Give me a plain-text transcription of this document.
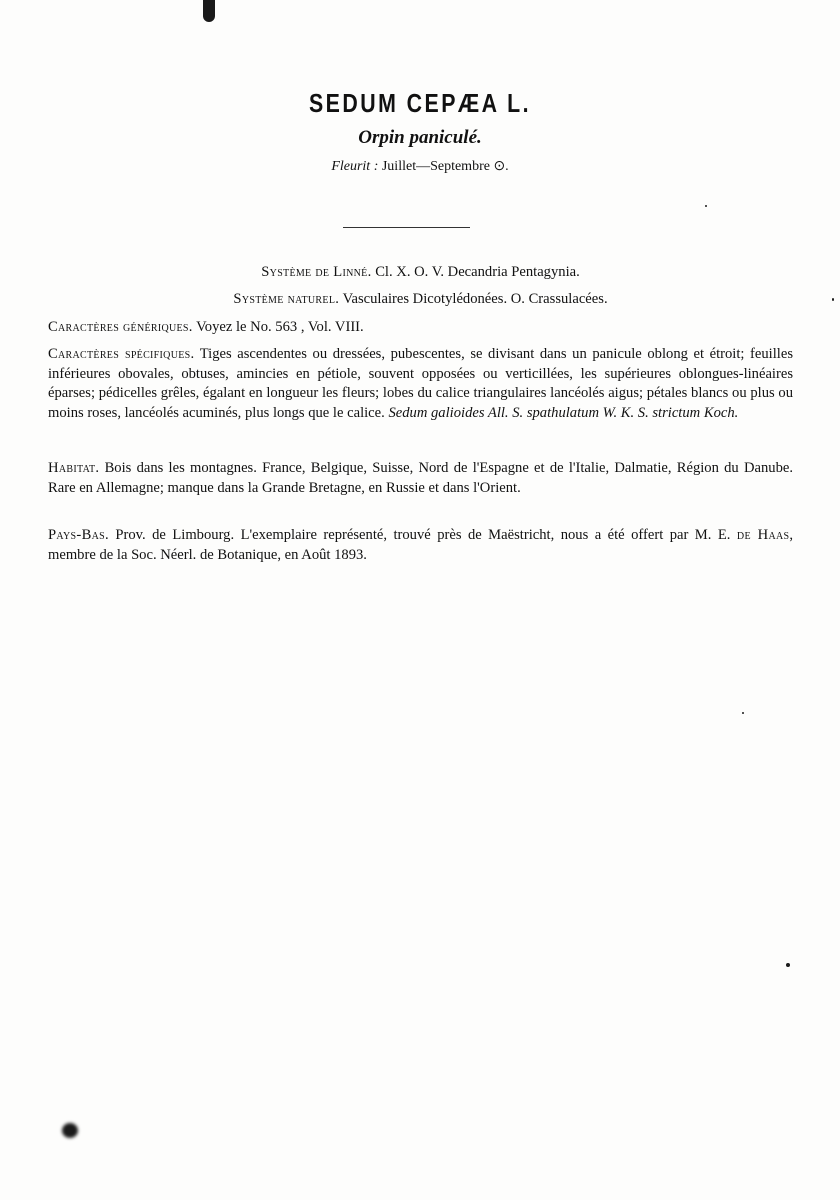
SEDUM CEPÆA L.
Orpin paniculé.
Fleurit : Juillet—Septembre ⊙.
Système de Linné. Cl. X. O. V. Decandria Pentagynia.
Système naturel. Vasculaires Dicotylédonées. O. Crassulacées.
Caractères génériques. Voyez le No. 563 , Vol. VIII.
Caractères spécifiques. Tiges ascendentes ou dressées, pubescentes, se divisant dans un panicule oblong et étroit; feuilles inférieures obovales, obtuses, amincies en pétiole, souvent opposées ou verticillées, les supérieures oblongues-linéaires éparses; pédicelles grêles, égalant en longueur les fleurs; lobes du calice triangulaires lancéolés aigus; pétales blancs ou plus ou moins roses, lancéolés acuminés, plus longs que le calice. Sedum galioides All. S. spathulatum W. K. S. strictum Koch.
Habitat. Bois dans les montagnes. France, Belgique, Suisse, Nord de l'Espagne et de l'Italie, Dalmatie, Région du Danube. Rare en Allemagne; manque dans la Grande Bretagne, en Russie et dans l'Orient.
Pays-Bas. Prov. de Limbourg. L'exemplaire représenté, trouvé près de Maëstricht, nous a été offert par M. E. de Haas, membre de la Soc. Néerl. de Botanique, en Août 1893.
